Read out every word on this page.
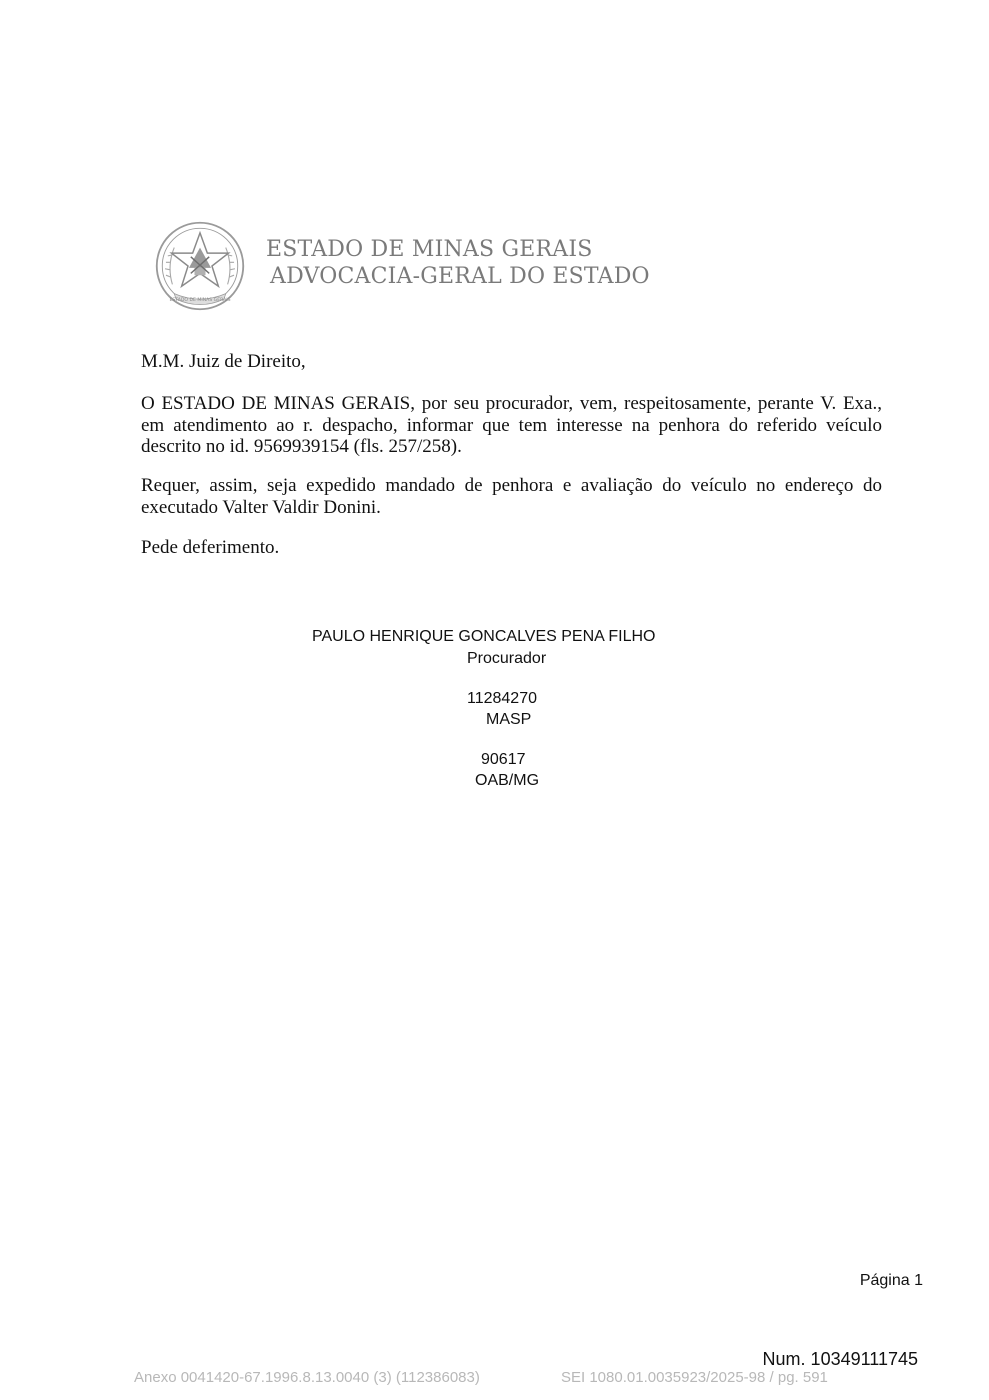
ESTADO DE MINAS GERAIS
ESTADO DE MINAS GERAIS
ADVOCACIA-GERAL DO ESTADO

M.M. Juiz de Direito,

O ESTADO DE MINAS GERAIS, por seu procurador, vem, respeitosamente, perante V. Exa., em atendimento ao r. despacho, informar que tem interesse na penhora do referido veículo descrito no id. 9569939154 (fls. 257/258).

Requer, assim, seja expedido mandado de penhora e avaliação do veículo no endereço do executado Valter Valdir Donini.

Pede deferimento.

PAULO HENRIQUE GONCALVES PENA FILHO
Procurador
11284270
MASP
90617
OAB/MG
Página 1
Num. 10349111745
Anexo 0041420-67.1996.8.13.0040 (3) (112386083)	SEI 1080.01.0035923/2025-98 / pg. 591
